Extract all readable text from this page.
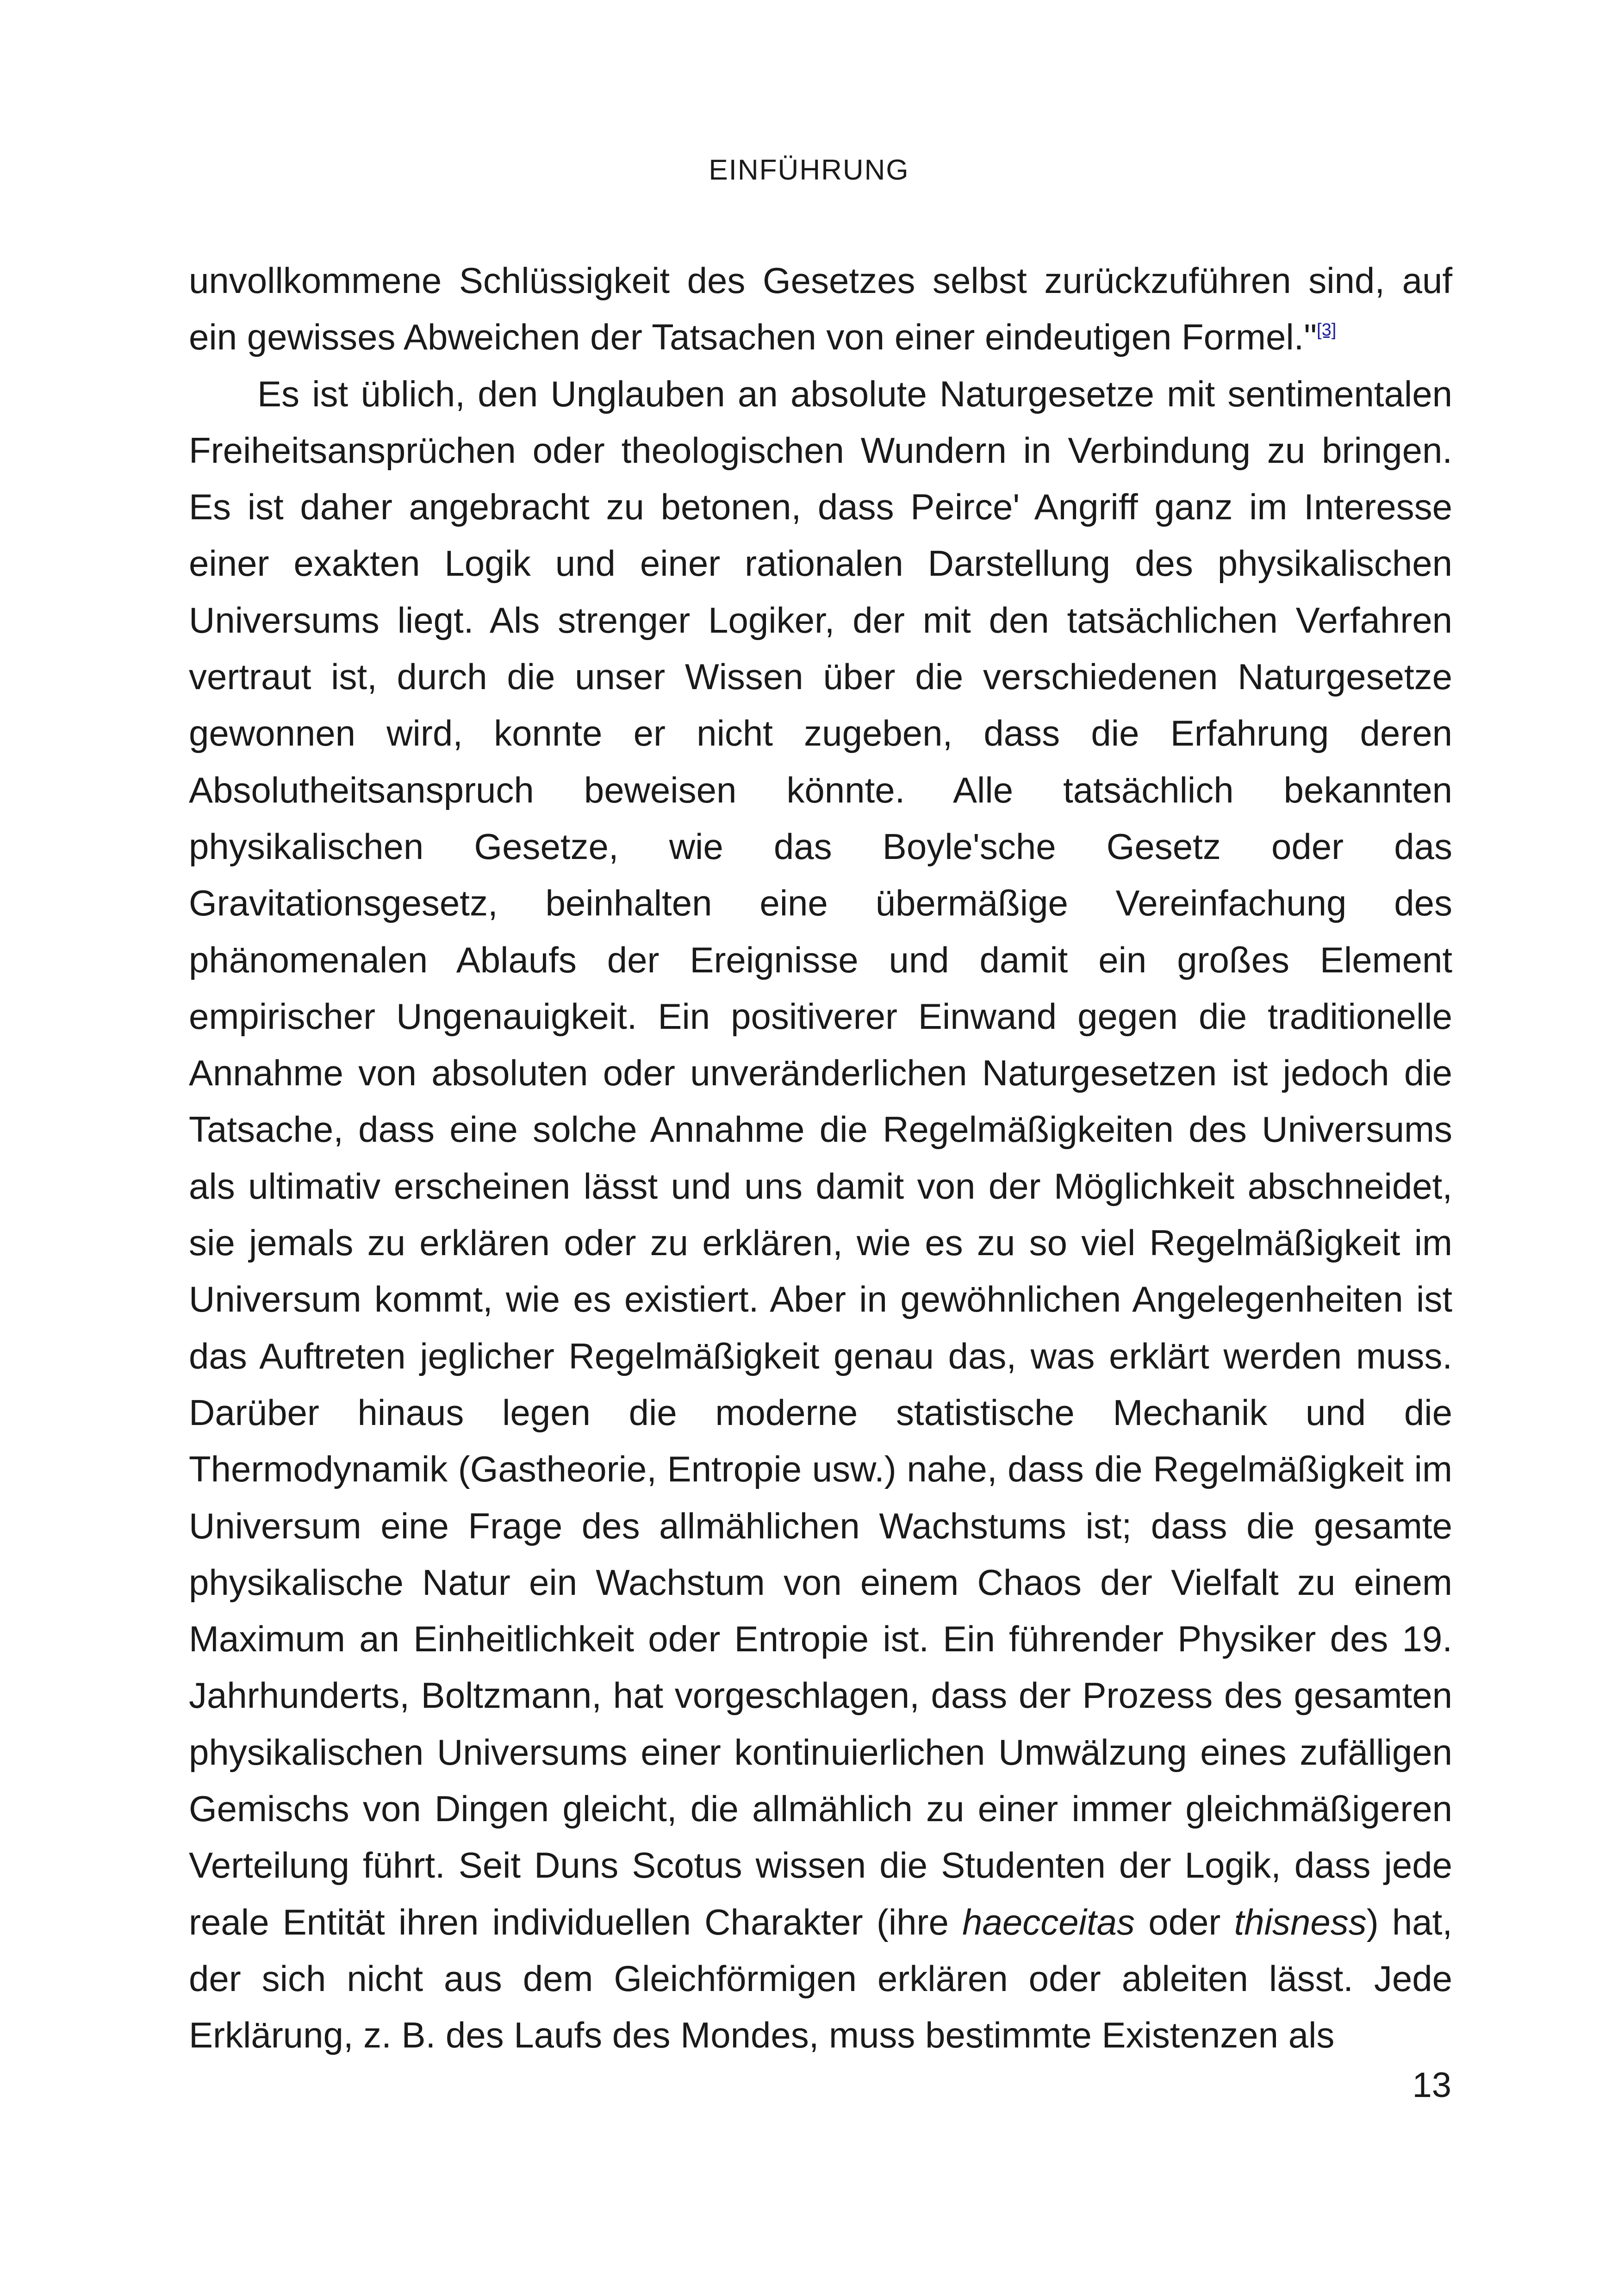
EINFÜHRUNG

unvollkommene Schlüssigkeit des Gesetzes selbst zurückzuführen sind, auf ein gewisses Abweichen der Tatsachen von einer eindeutigen Formel."[3]

Es ist üblich, den Unglauben an absolute Naturgesetze mit sentimentalen Freiheitsansprüchen oder theologischen Wundern in Verbindung zu bringen. Es ist daher angebracht zu betonen, dass Peirce' Angriff ganz im Interesse einer exakten Logik und einer rationalen Darstellung des physikalischen Universums liegt. Als strenger Logiker, der mit den tatsächlichen Verfahren vertraut ist, durch die unser Wissen über die verschiedenen Naturgesetze gewonnen wird, konnte er nicht zugeben, dass die Erfahrung deren Absolutheitsanspruch beweisen könnte. Alle tatsächlich bekannten physikalischen Gesetze, wie das Boyle'sche Gesetz oder das Gravitationsgesetz, beinhalten eine übermäßige Vereinfachung des phänomenalen Ablaufs der Ereignisse und damit ein großes Element empirischer Ungenauigkeit. Ein positiverer Einwand gegen die traditionelle Annahme von absoluten oder unveränderlichen Naturgesetzen ist jedoch die Tatsache, dass eine solche Annahme die Regelmäßigkeiten des Universums als ultimativ erscheinen lässt und uns damit von der Möglichkeit abschneidet, sie jemals zu erklären oder zu erklären, wie es zu so viel Regelmäßigkeit im Universum kommt, wie es existiert. Aber in gewöhnlichen Angelegenheiten ist das Auftreten jeglicher Regelmäßigkeit genau das, was erklärt werden muss. Darüber hinaus legen die moderne statistische Mechanik und die Thermodynamik (Gastheorie, Entropie usw.) nahe, dass die Regelmäßigkeit im Universum eine Frage des allmählichen Wachstums ist; dass die gesamte physikalische Natur ein Wachstum von einem Chaos der Vielfalt zu einem Maximum an Einheitlichkeit oder Entropie ist. Ein führender Physiker des 19. Jahrhunderts, Boltzmann, hat vorgeschlagen, dass der Prozess des gesamten physikalischen Universums einer kontinuierlichen Umwälzung eines zufälligen Gemischs von Dingen gleicht, die allmählich zu einer immer gleichmäßigeren Verteilung führt. Seit Duns Scotus wissen die Studenten der Logik, dass jede reale Entität ihren individuellen Charakter (ihre haecceitas oder thisness) hat, der sich nicht aus dem Gleichförmigen erklären oder ableiten lässt. Jede Erklärung, z. B. des Laufs des Mondes, muss bestimmte Existenzen als

13
